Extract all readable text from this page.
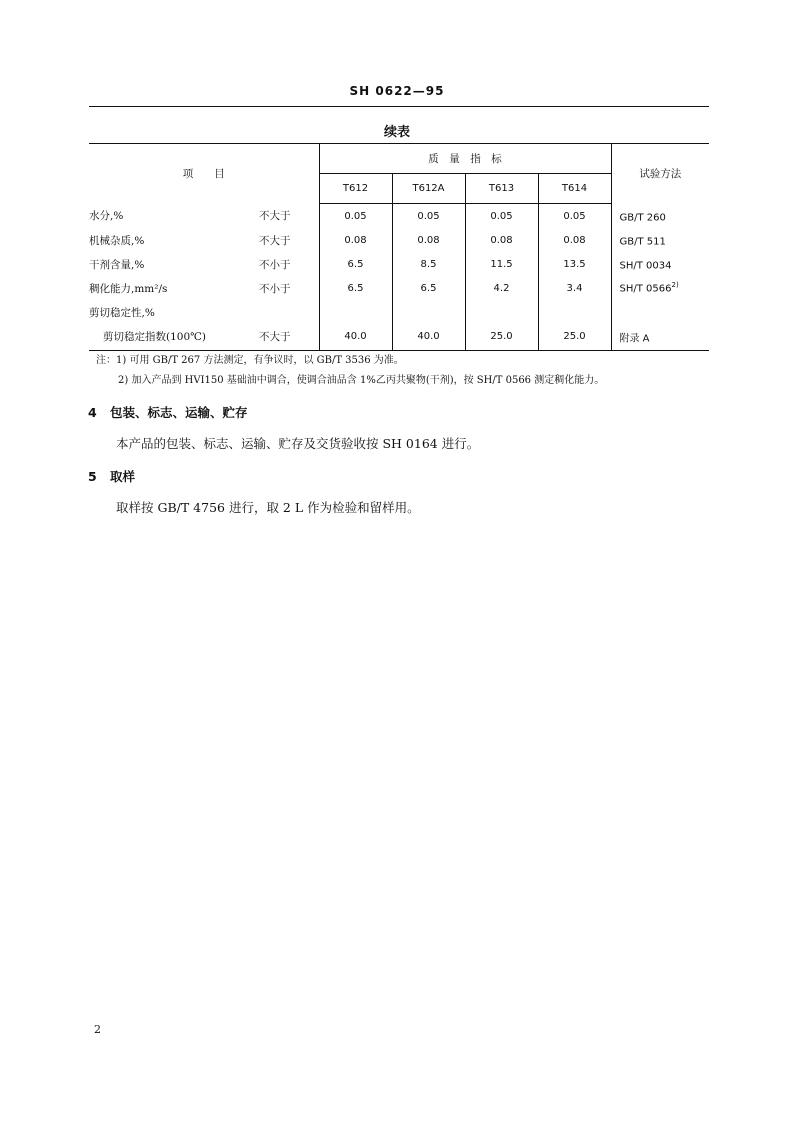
SH 0622—95
续表
项　　目		质　量　指　标				试验方法
		T612	T612A	T613	T614	
水分,%	不大于	0.05	0.05	0.05	0.05	GB/T 260
机械杂质,%	不大于	0.08	0.08	0.08	0.08	GB/T 511
干剂含量,%	不小于	6.5	8.5	11.5	13.5	SH/T 0034
稠化能力,mm²/s	不小于	6.5	6.5	4.2	3.4	SH/T 0566$^{2)}$
剪切稳定性,%						
剪切稳定指数(100℃)	不大于	40.0	40.0	25.0	25.0	附录 A
注：1) 可用 GB/T 267 方法测定，有争议时，以 GB/T 3536 为准。
2) 加入产品到 HVI150 基础油中调合，使调合油品含 1%乙丙共聚物(干剂)，按 SH/T 0566 测定稠化能力。
4 包装、标志、运输、贮存
本产品的包装、标志、运输、贮存及交货验收按 SH 0164 进行。
5 取样
取样按 GB/T 4756 进行，取 2 L 作为检验和留样用。
2
